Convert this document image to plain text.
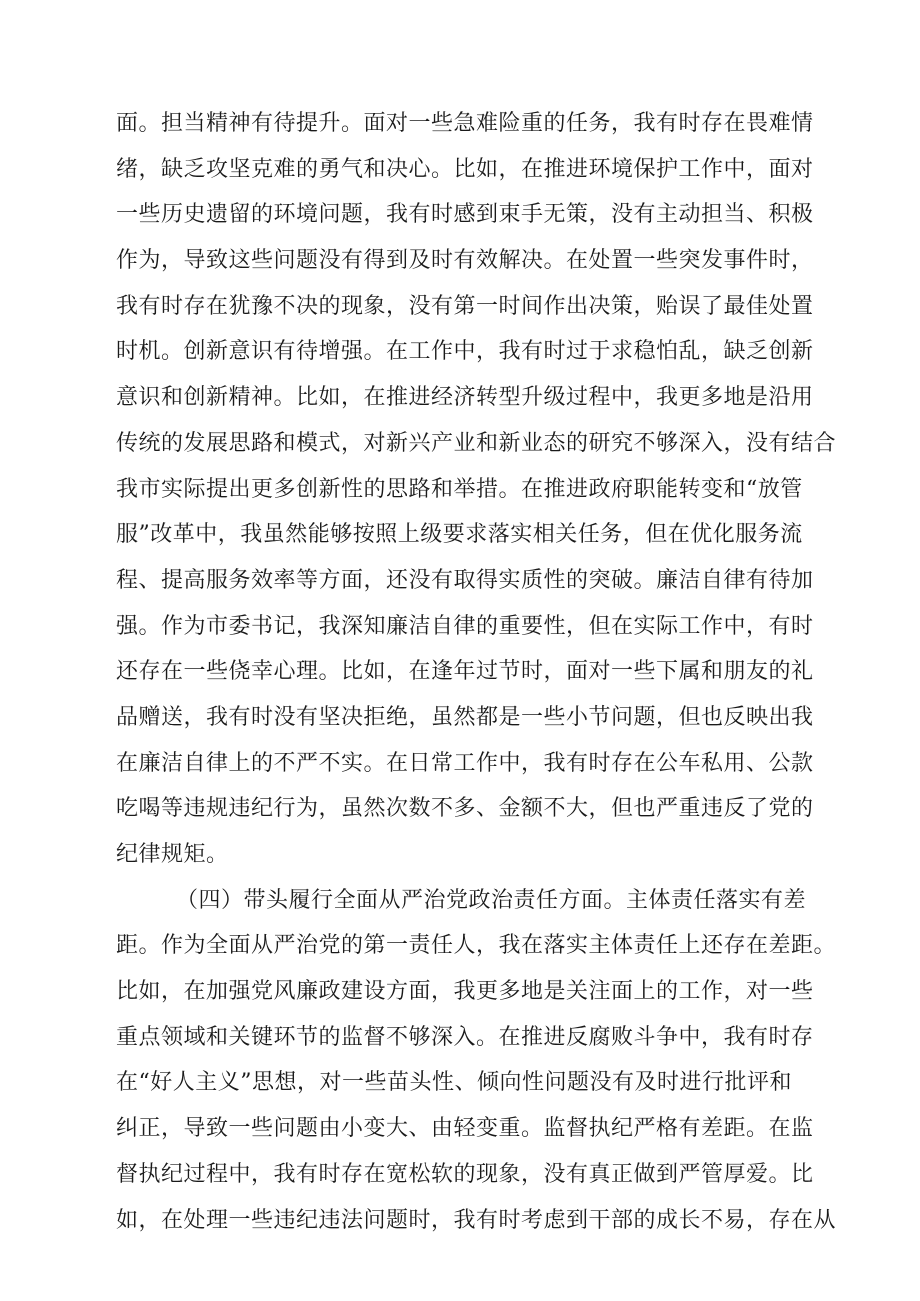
面。担当精神有待提升。面对一些急难险重的任务，我有时存在畏难情
绪，缺乏攻坚克难的勇气和决心。比如，在推进环境保护工作中，面对
一些历史遗留的环境问题，我有时感到束手无策，没有主动担当、积极
作为，导致这些问题没有得到及时有效解决。在处置一些突发事件时，
我有时存在犹豫不决的现象，没有第一时间作出决策，贻误了最佳处置
时机。创新意识有待增强。在工作中，我有时过于求稳怕乱，缺乏创新
意识和创新精神。比如，在推进经济转型升级过程中，我更多地是沿用
传统的发展思路和模式，对新兴产业和新业态的研究不够深入，没有结合
我市实际提出更多创新性的思路和举措。在推进政府职能转变和“放管
服”改革中，我虽然能够按照上级要求落实相关任务，但在优化服务流
程、提高服务效率等方面，还没有取得实质性的突破。廉洁自律有待加
强。作为市委书记，我深知廉洁自律的重要性，但在实际工作中，有时
还存在一些侥幸心理。比如，在逢年过节时，面对一些下属和朋友的礼
品赠送，我有时没有坚决拒绝，虽然都是一些小节问题，但也反映出我
在廉洁自律上的不严不实。在日常工作中，我有时存在公车私用、公款
吃喝等违规违纪行为，虽然次数不多、金额不大，但也严重违反了党的
纪律规矩。
（四）带头履行全面从严治党政治责任方面。主体责任落实有差
距。作为全面从严治党的第一责任人，我在落实主体责任上还存在差距。
比如，在加强党风廉政建设方面，我更多地是关注面上的工作，对一些
重点领域和关键环节的监督不够深入。在推进反腐败斗争中，我有时存
在“好人主义”思想，对一些苗头性、倾向性问题没有及时进行批评和
纠正，导致一些问题由小变大、由轻变重。监督执纪严格有差距。在监
督执纪过程中，我有时存在宽松软的现象，没有真正做到严管厚爱。比
如，在处理一些违纪违法问题时，我有时考虑到干部的成长不易，存在从
